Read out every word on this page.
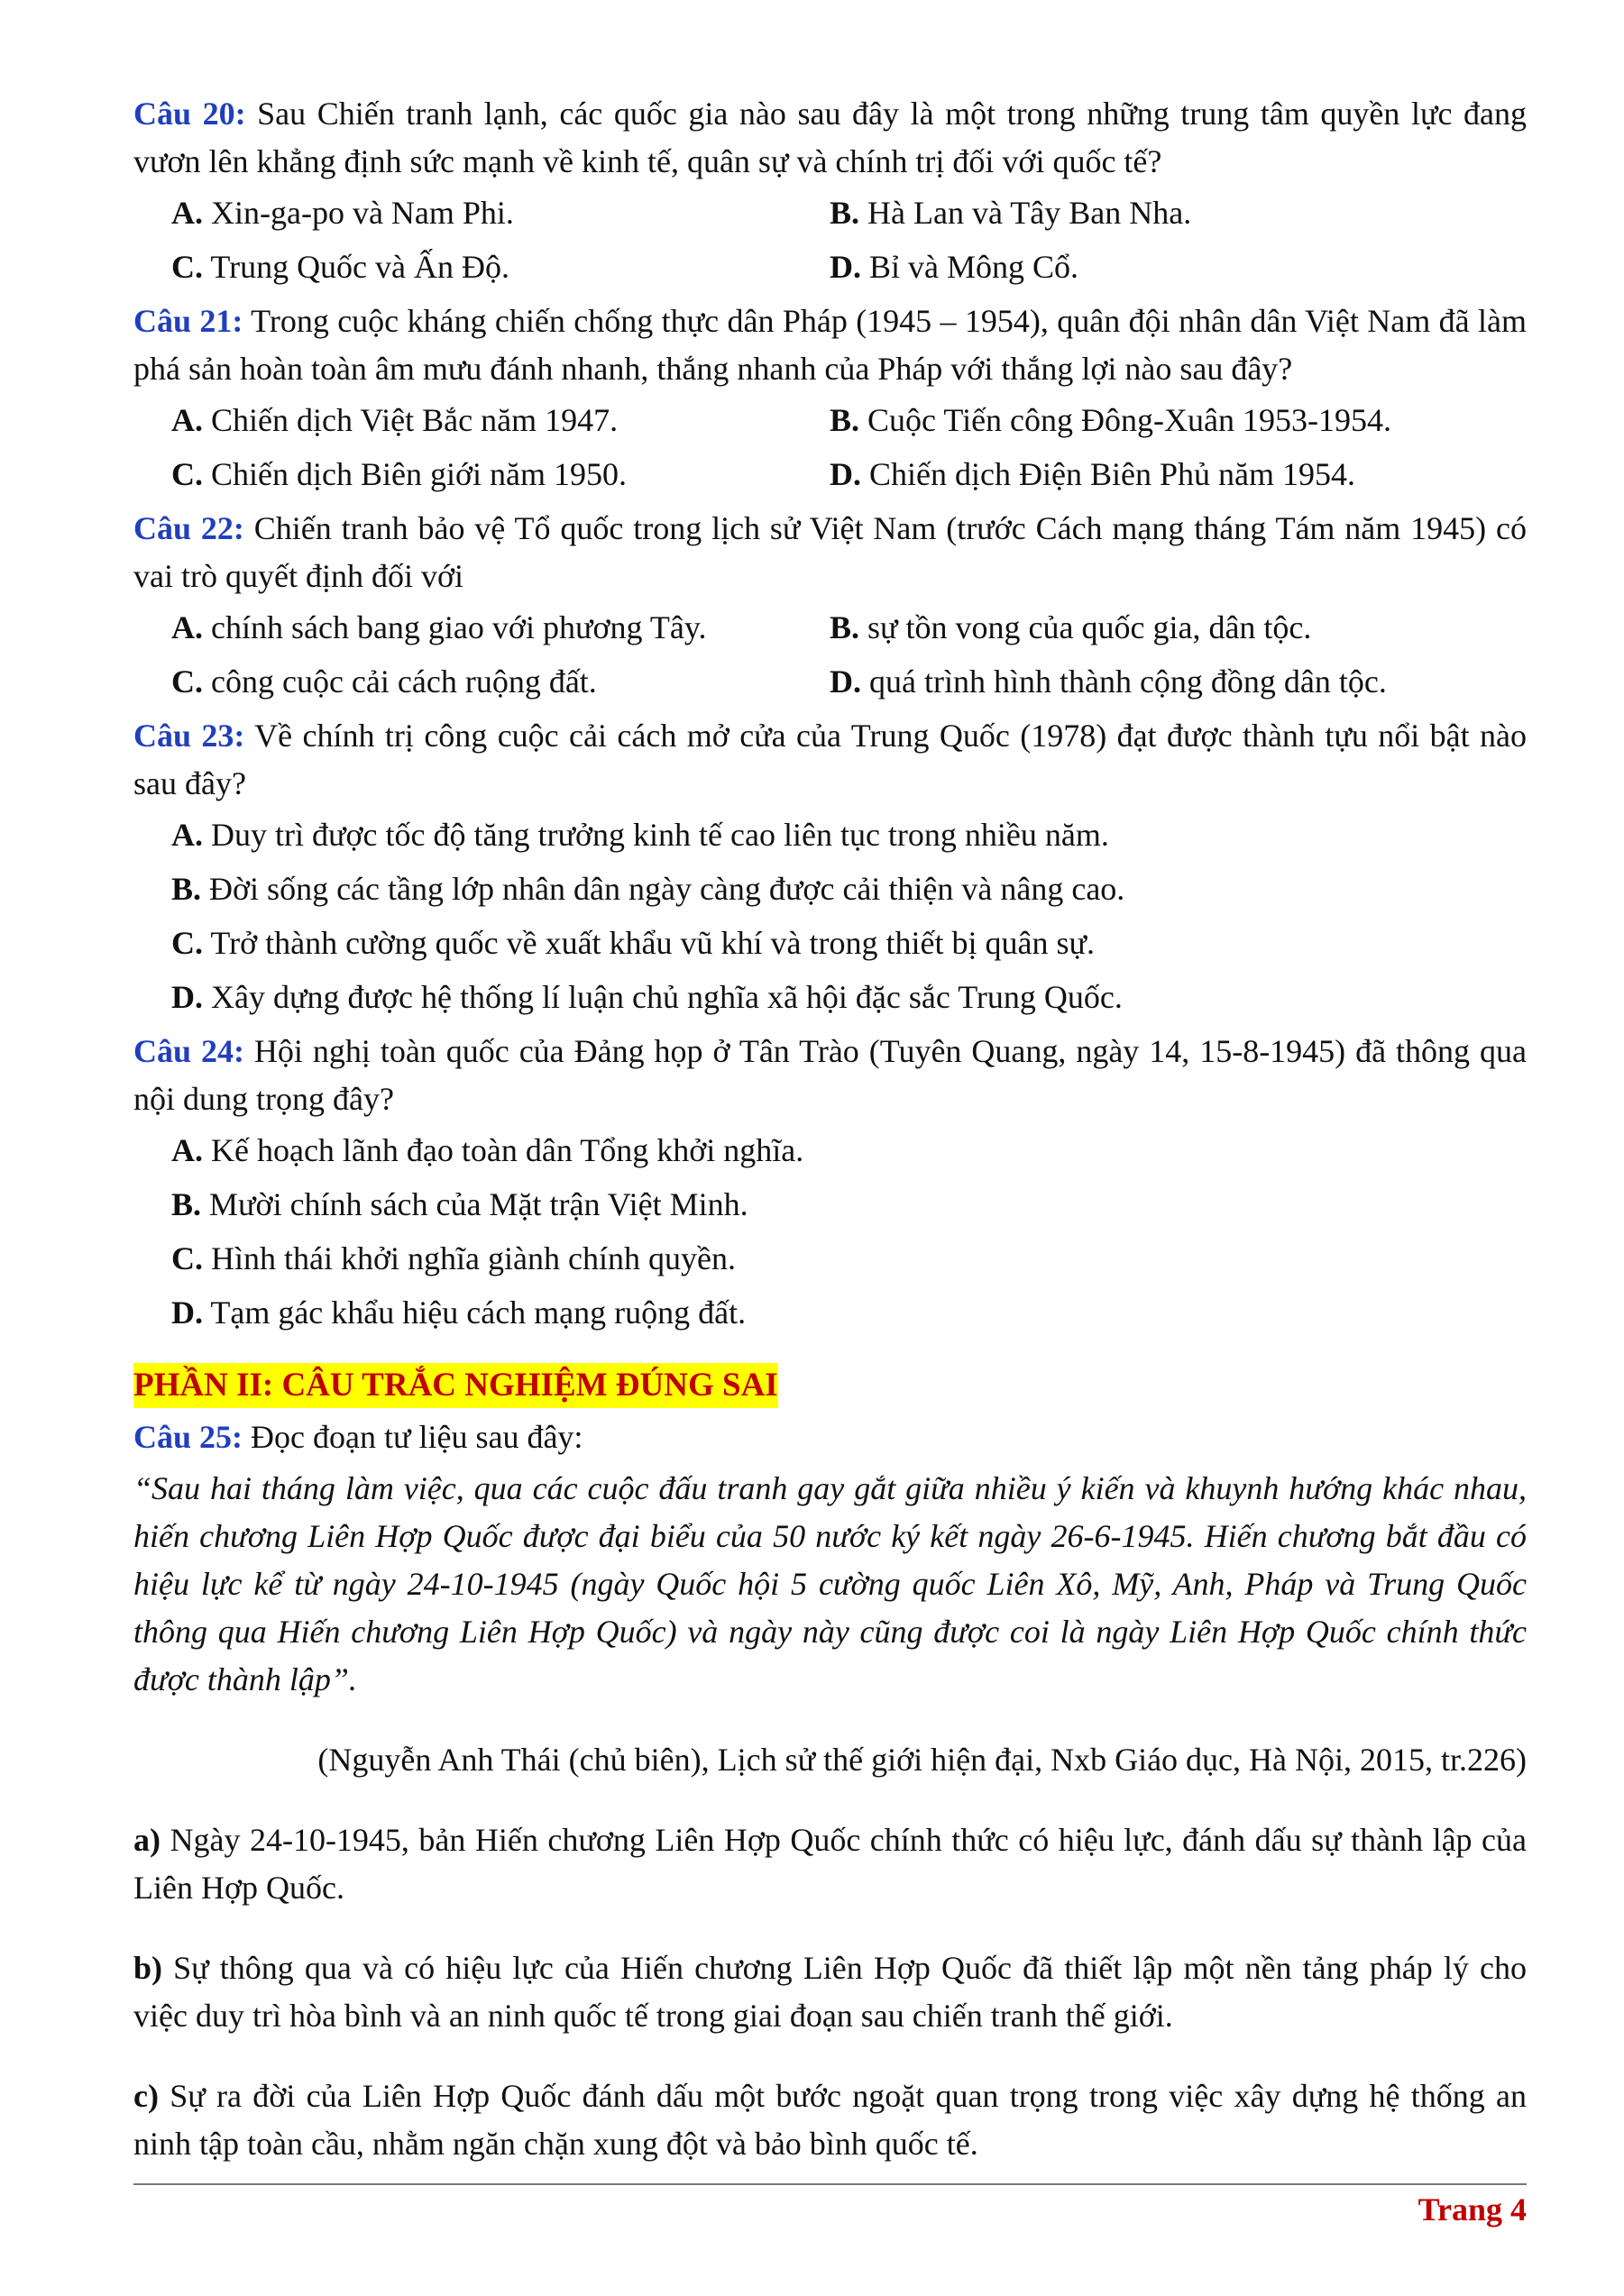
Câu 20: Sau Chiến tranh lạnh, các quốc gia nào sau đây là một trong những trung tâm quyền lực đang vươn lên khẳng định sức mạnh về kinh tế, quân sự và chính trị đối với quốc tế?

A. Xin-ga-po và Nam Phi.	B. Hà Lan và Tây Ban Nha.
C. Trung Quốc và Ấn Độ.	D. Bỉ và Mông Cổ.

Câu 21: Trong cuộc kháng chiến chống thực dân Pháp (1945 – 1954), quân đội nhân dân Việt Nam đã làm phá sản hoàn toàn âm mưu đánh nhanh, thắng nhanh của Pháp với thắng lợi nào sau đây?

A. Chiến dịch Việt Bắc năm 1947.	B. Cuộc Tiến công Đông-Xuân 1953-1954.
C. Chiến dịch Biên giới năm 1950.	D. Chiến dịch Điện Biên Phủ năm 1954.

Câu 22: Chiến tranh bảo vệ Tổ quốc trong lịch sử Việt Nam (trước Cách mạng tháng Tám năm 1945) có vai trò quyết định đối với

A. chính sách bang giao với phương Tây.	B. sự tồn vong của quốc gia, dân tộc.
C. công cuộc cải cách ruộng đất.	D. quá trình hình thành cộng đồng dân tộc.

Câu 23: Về chính trị công cuộc cải cách mở cửa của Trung Quốc (1978) đạt được thành tựu nổi bật nào sau đây?

A. Duy trì được tốc độ tăng trưởng kinh tế cao liên tục trong nhiều năm.
B. Đời sống các tầng lớp nhân dân ngày càng được cải thiện và nâng cao.
C. Trở thành cường quốc về xuất khẩu vũ khí và trong thiết bị quân sự.
D. Xây dựng được hệ thống lí luận chủ nghĩa xã hội đặc sắc Trung Quốc.

Câu 24: Hội nghị toàn quốc của Đảng họp ở Tân Trào (Tuyên Quang, ngày 14, 15-8-1945) đã thông qua nội dung trọng đây?

A. Kế hoạch lãnh đạo toàn dân Tổng khởi nghĩa.
B. Mười chính sách của Mặt trận Việt Minh.
C. Hình thái khởi nghĩa giành chính quyền.
D. Tạm gác khẩu hiệu cách mạng ruộng đất.
PHẦN II: CÂU TRẮC NGHIỆM ĐÚNG SAI

Câu 25: Đọc đoạn tư liệu sau đây:

“Sau hai tháng làm việc, qua các cuộc đấu tranh gay gắt giữa nhiều ý kiến và khuynh hướng khác nhau, hiến chương Liên Hợp Quốc được đại biểu của 50 nước ký kết ngày 26-6-1945. Hiến chương bắt đầu có hiệu lực kể từ ngày 24-10-1945 (ngày Quốc hội 5 cường quốc Liên Xô, Mỹ, Anh, Pháp và Trung Quốc thông qua Hiến chương Liên Hợp Quốc) và ngày này cũng được coi là ngày Liên Hợp Quốc chính thức được thành lập”.

(Nguyễn Anh Thái (chủ biên), Lịch sử thế giới hiện đại, Nxb Giáo dục, Hà Nội, 2015, tr.226)

a) Ngày 24-10-1945, bản Hiến chương Liên Hợp Quốc chính thức có hiệu lực, đánh dấu sự thành lập của Liên Hợp Quốc.

b) Sự thông qua và có hiệu lực của Hiến chương Liên Hợp Quốc đã thiết lập một nền tảng pháp lý cho việc duy trì hòa bình và an ninh quốc tế trong giai đoạn sau chiến tranh thế giới.

c) Sự ra đời của Liên Hợp Quốc đánh dấu một bước ngoặt quan trọng trong việc xây dựng hệ thống an ninh tập toàn cầu, nhằm ngăn chặn xung đột và bảo bình quốc tế.

Trang 4
